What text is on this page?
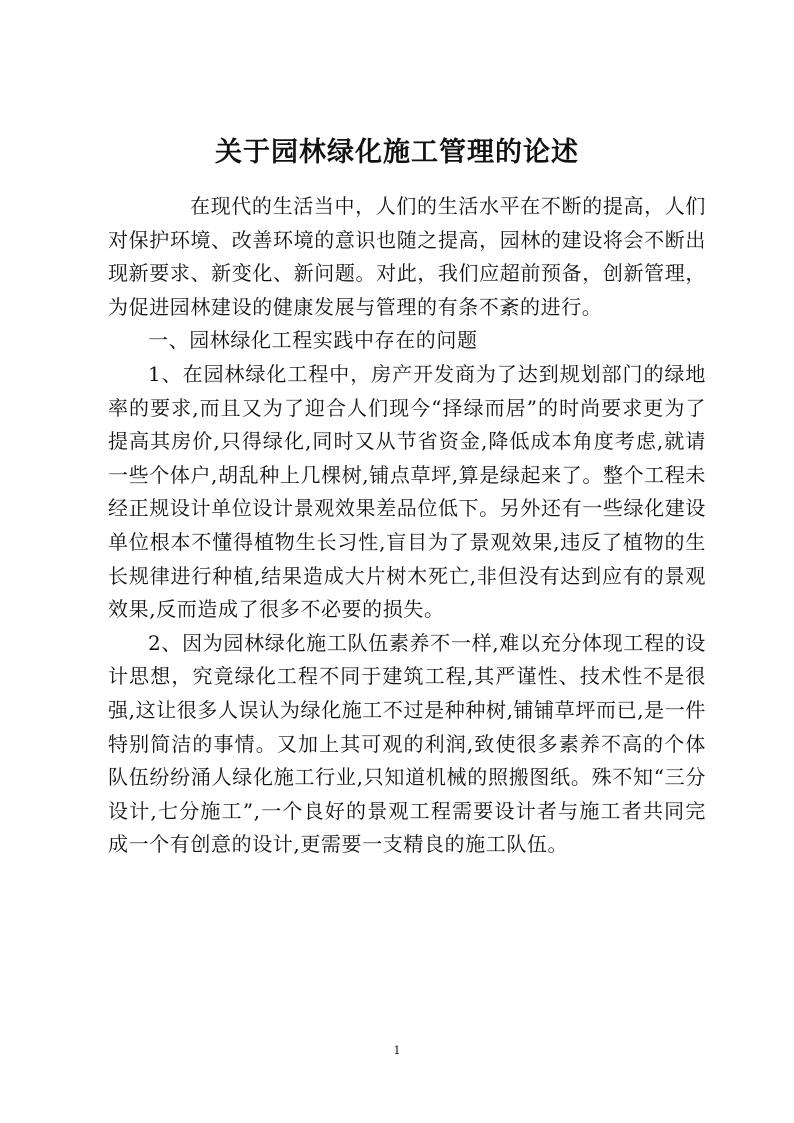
关于园林绿化施工管理的论述

在现代的生活当中，人们的生活水平在不断的提高，人们对保护环境、改善环境的意识也随之提高，园林的建设将会不断出现新要求、新变化、新问题。对此，我们应超前预备，创新管理，为促进园林建设的健康发展与管理的有条不紊的进行。

一、园林绿化工程实践中存在的问题

1、在园林绿化工程中，房产开发商为了达到规划部门的绿地率的要求,而且又为了迎合人们现今“择绿而居”的时尚要求更为了提高其房价,只得绿化,同时又从节省资金,降低成本角度考虑,就请一些个体户,胡乱种上几棵树,铺点草坪,算是绿起来了。整个工程未经正规设计单位设计景观效果差品位低下。另外还有一些绿化建设单位根本不懂得植物生长习性,盲目为了景观效果,违反了植物的生长规律进行种植,结果造成大片树木死亡,非但没有达到应有的景观效果,反而造成了很多不必要的损失。

2、因为园林绿化施工队伍素养不一样,难以充分体现工程的设计思想，究竟绿化工程不同于建筑工程,其严谨性、技术性不是很强,这让很多人误认为绿化施工不过是种种树,铺铺草坪而已,是一件特别简洁的事情。又加上其可观的利润,致使很多素养不高的个体队伍纷纷涌人绿化施工行业,只知道机械的照搬图纸。殊不知“三分设计,七分施工”,一个良好的景观工程需要设计者与施工者共同完成一个有创意的设计,更需要一支精良的施工队伍。

1
